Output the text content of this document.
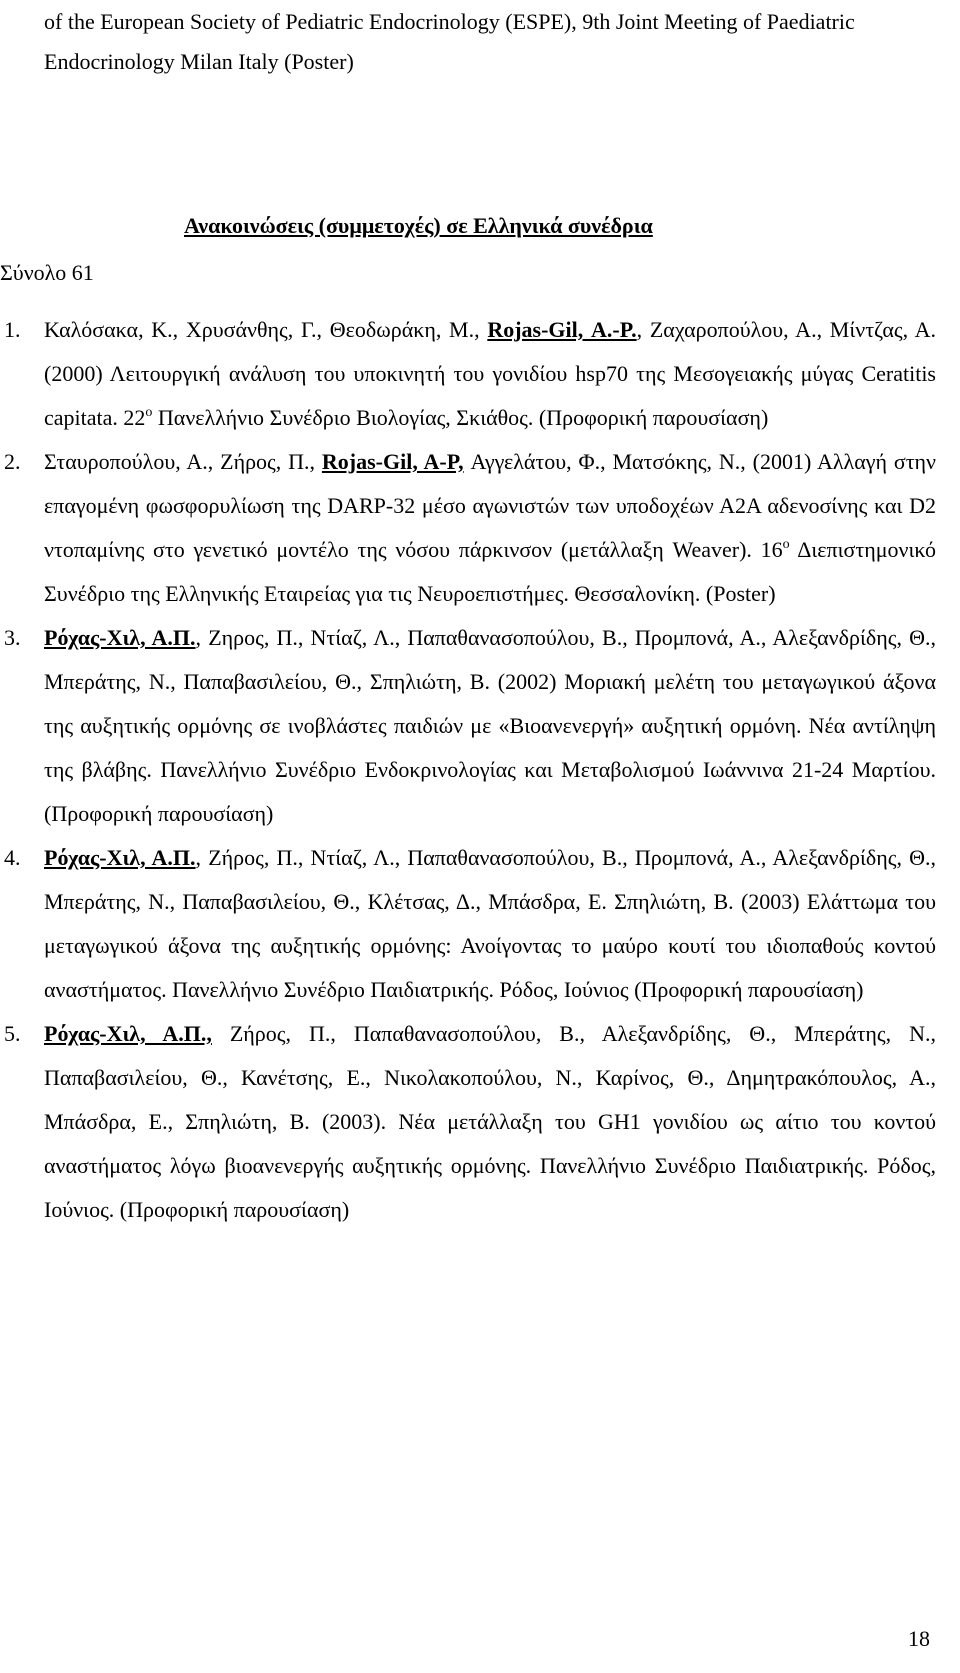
of the European Society of Pediatric Endocrinology (ESPE), 9th Joint Meeting of Paediatric Endocrinology Milan Italy (Poster)

Ανακοινώσεις (συμμετοχές) σε Ελληνικά συνέδρια

Σύνολο 61

1. Καλόσακα, Κ., Χρυσάνθης, Γ., Θεοδωράκη, Μ., Rojas-Gil, Α.-Ρ., Ζαχαροπούλου, Α., Μίντζας, Α. (2000) Λειτουργική ανάλυση του υποκινητή του γονιδίου hsp70 της Μεσογειακής μύγας Ceratitis capitata. $22^o$ Πανελλήνιο Συνέδριο Βιολογίας, Σκιάθος. (Προφορική παρουσίαση)

2. Σταυροπούλου, Α., Ζήρος, Π., Rojas-Gil, A-P, Αγγελάτου, Φ., Ματσόκης, Ν., (2001) Αλλαγή στην επαγομένη φωσφορυλίωση της DARP-32 μέσο αγωνιστών των υποδοχέων Α2Α αδενοσίνης και D2 ντοπαμίνης στο γενετικό μοντέλο της νόσου πάρκινσον (μετάλλαξη Weaver). $16^o$ Διεπιστημονικό Συνέδριο της Ελληνικής Εταιρείας για τις Νευροεπιστήμες. Θεσσαλονίκη. (Poster)

3. Ρόχας-Χιλ, Α.Π., Ζηρος, Π., Ντίαζ, Λ., Παπαθανασοπούλου, Β., Προμπονά, Α., Αλεξανδρίδης, Θ., Μπεράτης, Ν., Παπαβασιλείου, Θ., Σπηλιώτη, Β. (2002) Μοριακή μελέτη του μεταγωγικού άξονα της αυξητικής ορμόνης σε ινοβλάστες παιδιών με «Βιοανενεργή» αυξητική ορμόνη. Νέα αντίληψη της βλάβης. Πανελλήνιο Συνέδριο Ενδοκρινολογίας και Μεταβολισμού Ιωάννινα 21-24 Μαρτίου. (Προφορική παρουσίαση)

4. Ρόχας-Χιλ, Α.Π., Ζήρος, Π., Ντίαζ, Λ., Παπαθανασοπούλου, Β., Προμπονά, Α., Αλεξανδρίδης, Θ., Μπεράτης, Ν., Παπαβασιλείου, Θ., Κλέτσας, Δ., Μπάσδρα, Ε. Σπηλιώτη, Β. (2003) Ελάττωμα του μεταγωγικού άξονα της αυξητικής ορμόνης: Ανοίγοντας το μαύρο κουτί του ιδιοπαθούς κοντού αναστήματος. Πανελλήνιο Συνέδριο Παιδιατρικής. Ρόδος, Ιούνιος (Προφορική παρουσίαση)

5. Ρόχας-Χιλ, Α.Π., Ζήρος, Π., Παπαθανασοπούλου, Β., Αλεξανδρίδης, Θ., Μπεράτης, Ν., Παπαβασιλείου, Θ., Κανέτσης, Ε., Νικολακοπούλου, Ν., Καρίνος, Θ., Δημητρακόπουλος, Α., Μπάσδρα, Ε., Σπηλιώτη, Β. (2003). Νέα μετάλλαξη του GH1 γονιδίου ως αίτιο του κοντού αναστήματος λόγω βιοανενεργής αυξητικής ορμόνης. Πανελλήνιο Συνέδριο Παιδιατρικής. Ρόδος, Ιούνιος. (Προφορική παρουσίαση)

18
